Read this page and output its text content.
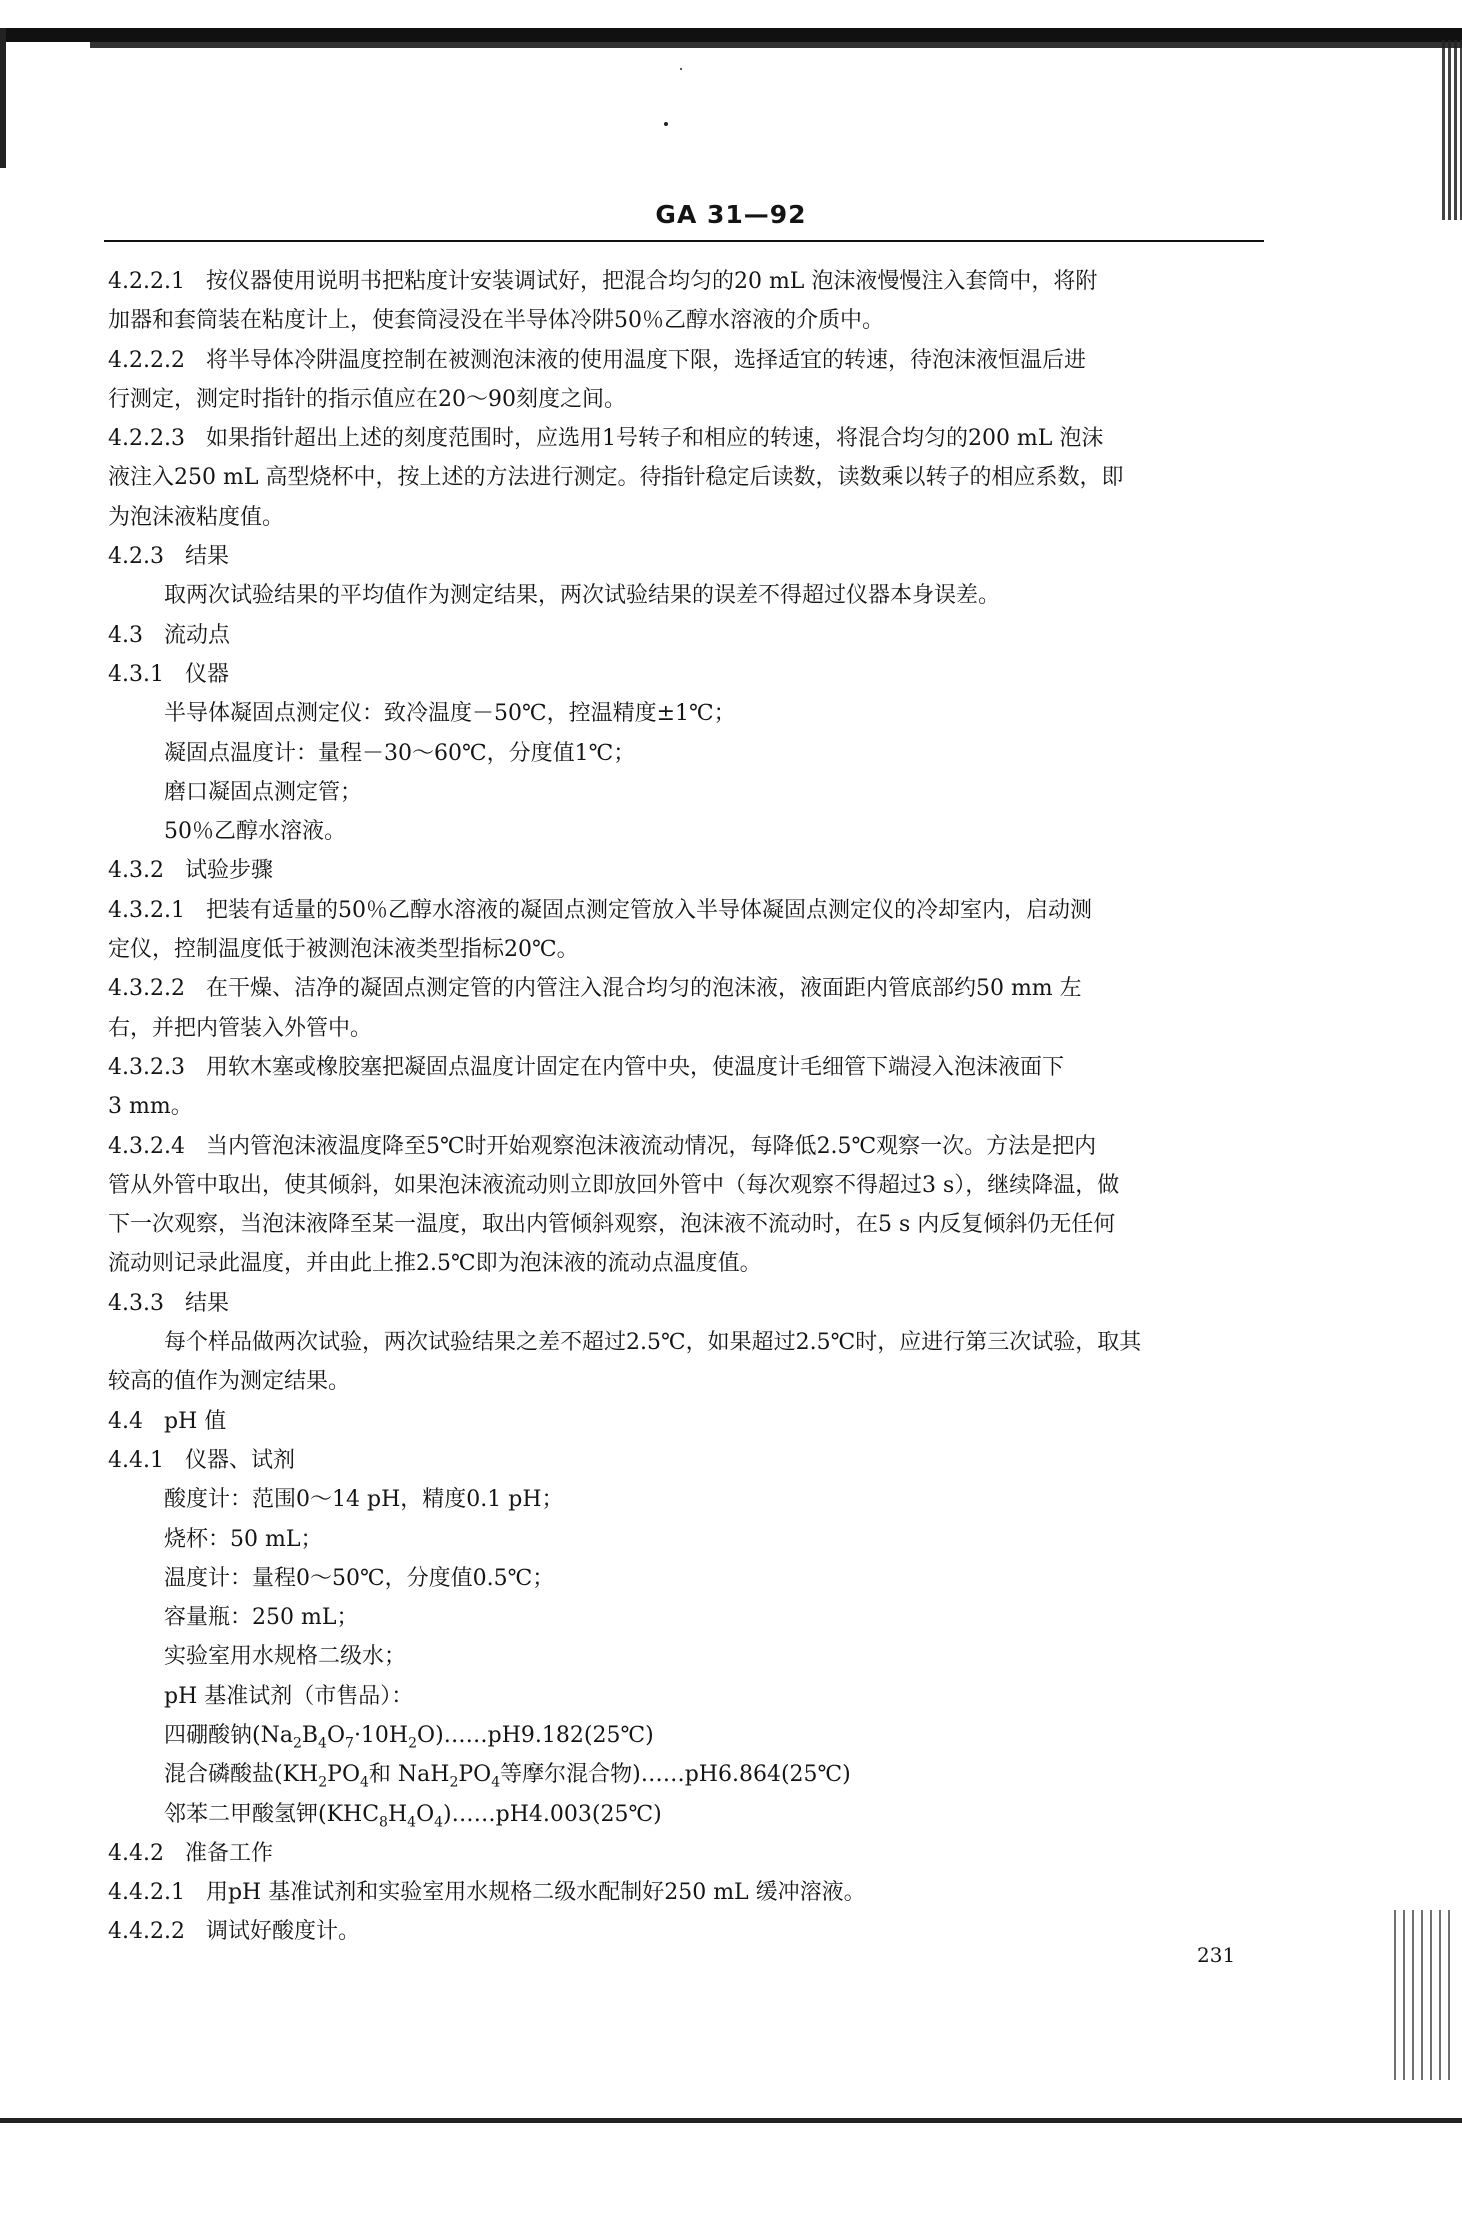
GA 31—92
4.2.2.1 按仪器使用说明书把粘度计安装调试好，把混合均匀的20 mL 泡沫液慢慢注入套筒中，将附
加器和套筒装在粘度计上，使套筒浸没在半导体冷阱50％乙醇水溶液的介质中。
4.2.2.2 将半导体冷阱温度控制在被测泡沫液的使用温度下限，选择适宜的转速，待泡沫液恒温后进
行测定，测定时指针的指示值应在20～90刻度之间。
4.2.2.3 如果指针超出上述的刻度范围时，应选用1号转子和相应的转速，将混合均匀的200 mL 泡沫
液注入250 mL 高型烧杯中，按上述的方法进行测定。待指针稳定后读数，读数乘以转子的相应系数，即
为泡沫液粘度值。
4.2.3 结果
取两次试验结果的平均值作为测定结果，两次试验结果的误差不得超过仪器本身误差。
4.3 流动点
4.3.1 仪器
半导体凝固点测定仪：致冷温度－50℃，控温精度±1℃；
凝固点温度计：量程－30～60℃，分度值1℃；
磨口凝固点测定管；
50％乙醇水溶液。
4.3.2 试验步骤
4.3.2.1 把装有适量的50％乙醇水溶液的凝固点测定管放入半导体凝固点测定仪的冷却室内，启动测
定仪，控制温度低于被测泡沫液类型指标20℃。
4.3.2.2 在干燥、洁净的凝固点测定管的内管注入混合均匀的泡沫液，液面距内管底部约50 mm 左
右，并把内管装入外管中。
4.3.2.3 用软木塞或橡胶塞把凝固点温度计固定在内管中央，使温度计毛细管下端浸入泡沫液面下
3 mm。
4.3.2.4 当内管泡沫液温度降至5℃时开始观察泡沫液流动情况，每降低2.5℃观察一次。方法是把内
管从外管中取出，使其倾斜，如果泡沫液流动则立即放回外管中（每次观察不得超过3 s），继续降温，做
下一次观察，当泡沫液降至某一温度，取出内管倾斜观察，泡沫液不流动时，在5 s 内反复倾斜仍无任何
流动则记录此温度，并由此上推2.5℃即为泡沫液的流动点温度值。
4.3.3 结果
每个样品做两次试验，两次试验结果之差不超过2.5℃，如果超过2.5℃时，应进行第三次试验，取其
较高的值作为测定结果。
4.4 pH 值
4.4.1 仪器、试剂
酸度计：范围0～14 pH，精度0.1 pH；
烧杯：50 mL；
温度计：量程0～50℃，分度值0.5℃；
容量瓶：250 mL；
实验室用水规格二级水；
pH 基准试剂（市售品）：
四硼酸钠$(Na_2B_4O_7\cdot 10H_2O)\dots\dots pH9.182(25℃)$
混合磷酸盐($KH_2PO_4$和 $NaH_2PO_4$等摩尔混合物)……pH6.864(25℃)
邻苯二甲酸氢钾$(KHC_8H_4O_4)\dots\dots pH4.003(25℃)$
4.4.2 准备工作
4.4.2.1 用pH 基准试剂和实验室用水规格二级水配制好250 mL 缓冲溶液。
4.4.2.2 调试好酸度计。
231
